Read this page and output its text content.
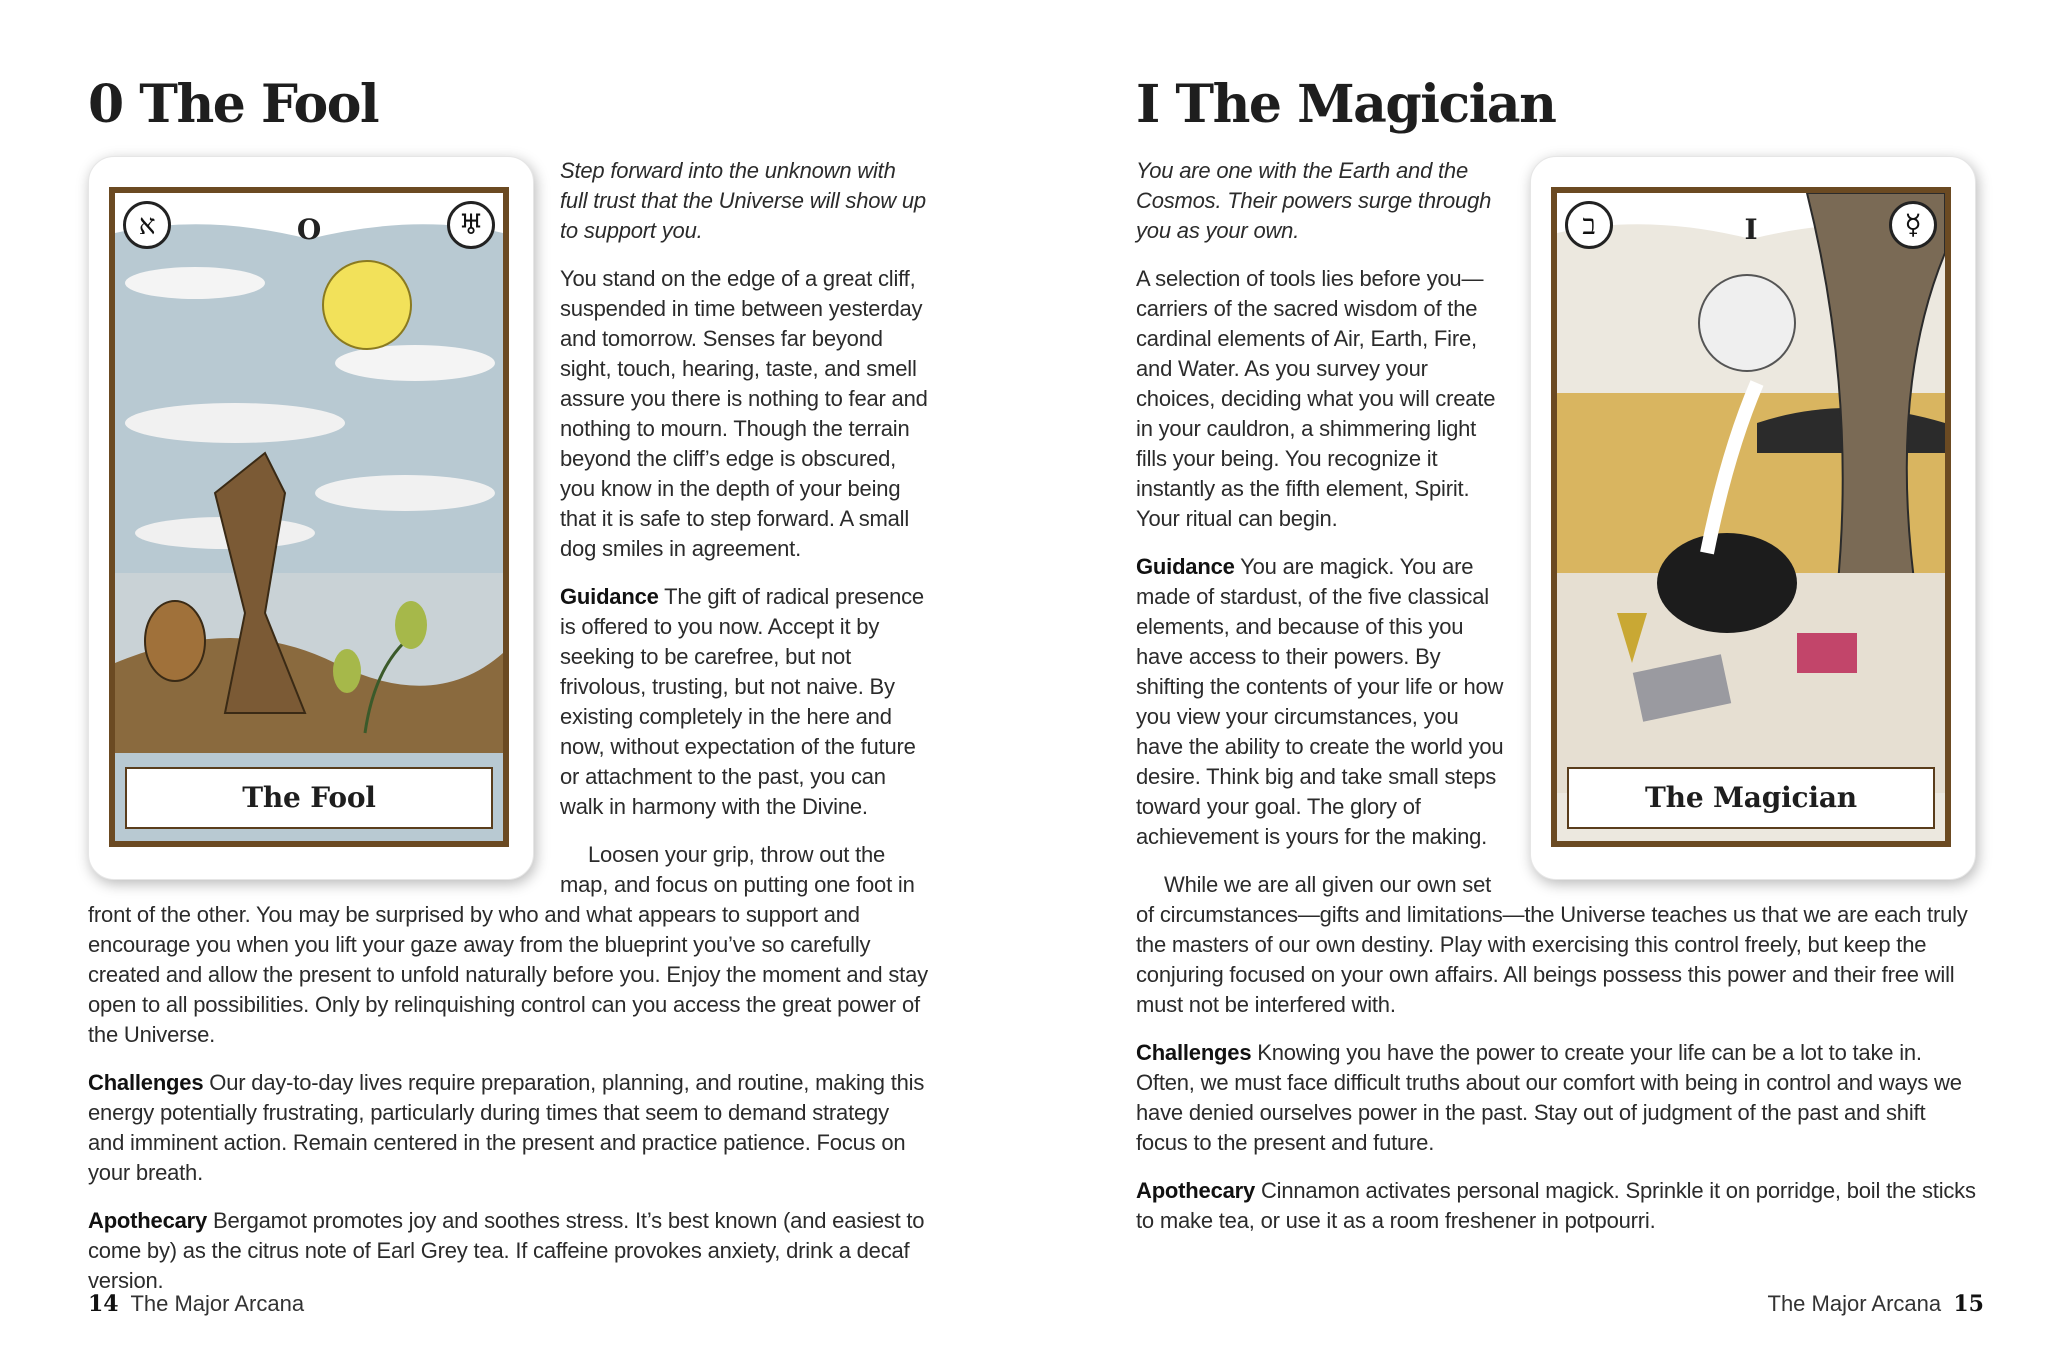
0 The Fool
א	♅
O
The Fool

Step forward into the unknown with full trust that the Universe will show up to support you.

You stand on the edge of a great cliff, suspended in time between yesterday and tomorrow. Senses far beyond sight, touch, hearing, taste, and smell assure you there is nothing to fear and nothing to mourn. Though the terrain beyond the cliff’s edge is obscured, you know in the depth of your being that it is safe to step forward. A small dog smiles in agreement.

Guidance The gift of radical presence is offered to you now. Accept it by seeking to be carefree, but not frivolous, trusting, but not naive. By existing completely in the here and now, without expectation of the future or attachment to the past, you can walk in harmony with the Divine.

Loosen your grip, throw out the map, and focus on putting one foot in front of the other. You may be surprised by who and what appears to support and encourage you when you lift your gaze away from the blueprint you’ve so carefully created and allow the present to unfold naturally before you. Enjoy the moment and stay open to all possibilities. Only by relinquishing control can you access the great power of the Universe.

Challenges Our day-to-day lives require preparation, planning, and routine, making this energy potentially frustrating, particularly during times that seem to demand strategy and imminent action. Remain centered in the present and practice patience. Focus on your breath.

Apothecary Bergamot promotes joy and soothes stress. It’s best known (and easiest to come by) as the citrus note of Earl Grey tea. If caffeine provokes anxiety, drink a decaf version.

14 The Major Arcana
I The Magician
ב	☿
I
The Magician

You are one with the Earth and the Cosmos. Their powers surge through you as your own.

A selection of tools lies before you—carriers of the sacred wisdom of the cardinal elements of Air, Earth, Fire, and Water. As you survey your choices, deciding what you will create in your cauldron, a shimmering light fills your being. You recognize it instantly as the fifth element, Spirit. Your ritual can begin.

Guidance You are magick. You are made of stardust, of the five classical elements, and because of this you have access to their powers. By shifting the contents of your life or how you view your circumstances, you have the ability to create the world you desire. Think big and take small steps toward your goal. The glory of achievement is yours for the making.

While we are all given our own set of circumstances—gifts and limitations—the Universe teaches us that we are each truly the masters of our own destiny. Play with exercising this control freely, but keep the conjuring focused on your own affairs. All beings possess this power and their free will must not be interfered with.

Challenges Knowing you have the power to create your life can be a lot to take in. Often, we must face difficult truths about our comfort with being in control and ways we have denied ourselves power in the past. Stay out of judgment of the past and shift focus to the present and future.

Apothecary Cinnamon activates personal magick. Sprinkle it on porridge, boil the sticks to make tea, or use it as a room freshener in potpourri.

The Major Arcana 15
